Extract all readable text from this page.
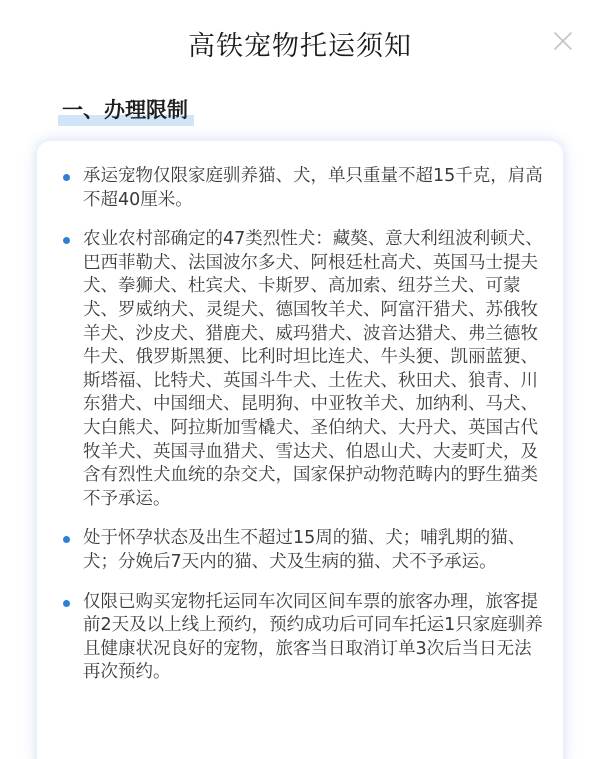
高铁宠物托运须知
一、办理限制
承运宠物仅限家庭驯养猫、犬，单只重量不超15千克，肩高不超40厘米。
农业农村部确定的47类烈性犬：藏獒、意大利纽波利顿犬、巴西菲勒犬、法国波尔多犬、阿根廷杜高犬、英国马士提夫犬、拳狮犬、杜宾犬、卡斯罗、高加索、纽芬兰犬、可蒙犬、罗威纳犬、灵缇犬、德国牧羊犬、阿富汗猎犬、苏俄牧羊犬、沙皮犬、猎鹿犬、威玛猎犬、波音达猎犬、弗兰德牧牛犬、俄罗斯黑㹴、比利时坦比连犬、牛头㹴、凯丽蓝㹴、斯塔福、比特犬、英国斗牛犬、土佐犬、秋田犬、狼青、川东猎犬、中国细犬、昆明狗、中亚牧羊犬、加纳利、马犬、大白熊犬、阿拉斯加雪橇犬、圣伯纳犬、大丹犬、英国古代牧羊犬、英国寻血猎犬、雪达犬、伯恩山犬、大麦町犬，及含有烈性犬血统的杂交犬，国家保护动物范畴内的野生猫类不予承运。
处于怀孕状态及出生不超过15周的猫、犬；哺乳期的猫、犬；分娩后7天内的猫、犬及生病的猫、犬不予承运。
仅限已购买宠物托运同车次同区间车票的旅客办理，旅客提前2天及以上线上预约，预约成功后可同车托运1只家庭驯养且健康状况良好的宠物，旅客当日取消订单3次后当日无法再次预约。
